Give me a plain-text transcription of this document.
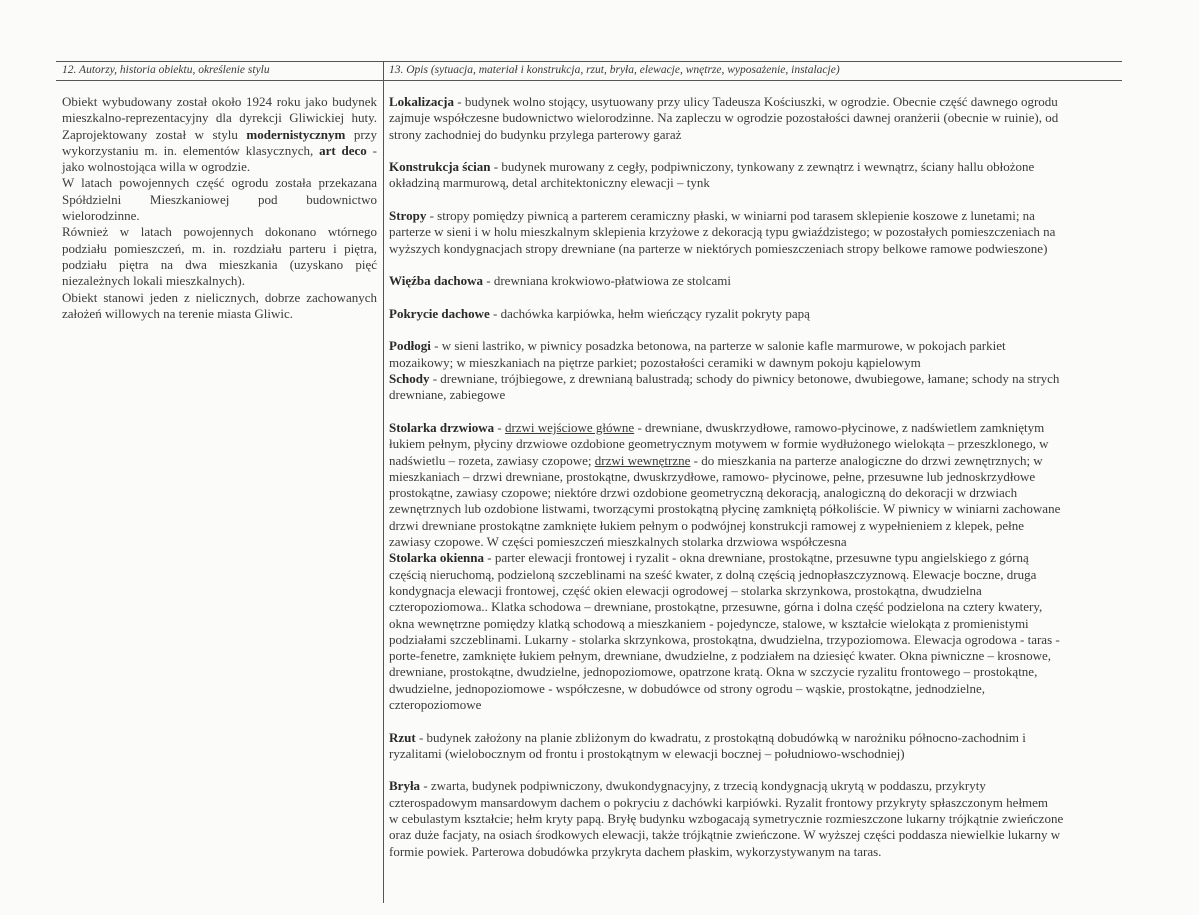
12. Autorzy, historia obiektu, określenie stylu	13. Opis (sytuacja, materiał i konstrukcja, rzut, bryła, elewacje, wnętrze, wyposażenie, instalacje)

Obiekt wybudowany został około 1924 roku jako budynek mieszkalno-reprezentacyjny dla dyrekcji Gliwickiej huty. Zaprojektowany został w stylu modernistycznym przy wykorzystaniu m. in. elementów klasycznych, art deco - jako wolnostojąca willa w ogrodzie.

W latach powojennych część ogrodu została przekazana Spółdzielni Mieszkaniowej pod budownictwo wielorodzinne.

Również w latach powojennych dokonano wtórnego podziału pomieszczeń, m. in. rozdziału parteru i piętra, podziału piętra na dwa mieszkania (uzyskano pięć niezależnych lokali mieszkalnych).

Obiekt stanowi jeden z nielicznych, dobrze zachowanych założeń willowych na terenie miasta Gliwic.

Lokalizacja - budynek wolno stojący, usytuowany przy ulicy Tadeusza Kościuszki, w ogrodzie. Obecnie część dawnego ogrodu
zajmuje współczesne budownictwo wielorodzinne. Na zapleczu w ogrodzie pozostałości dawnej oranżerii (obecnie w ruinie), od
strony zachodniej do budynku przylega parterowy garaż

Konstrukcja ścian - budynek murowany z cegły, podpiwniczony, tynkowany z zewnątrz i wewnątrz, ściany hallu obłożone
okładziną marmurową, detal architektoniczny elewacji – tynk

Stropy - stropy pomiędzy piwnicą a parterem ceramiczny płaski, w winiarni pod tarasem sklepienie koszowe z lunetami; na
parterze w sieni i w holu mieszkalnym sklepienia krzyżowe z dekoracją typu gwiaździstego; w pozostałych pomieszczeniach na
wyższych kondygnacjach stropy drewniane (na parterze w niektórych pomieszczeniach stropy belkowe ramowe podwieszone)

Więźba dachowa - drewniana krokwiowo-płatwiowa ze stolcami

Pokrycie dachowe - dachówka karpiówka, hełm wieńczący ryzalit pokryty papą

Podłogi - w sieni lastriko, w piwnicy posadzka betonowa, na parterze w salonie kafle marmurowe, w pokojach parkiet
mozaikowy; w mieszkaniach na piętrze parkiet; pozostałości ceramiki w dawnym pokoju kąpielowym

Schody - drewniane, trójbiegowe, z drewnianą balustradą; schody do piwnicy betonowe, dwubiegowe, łamane; schody na strych
drewniane, zabiegowe

Stolarka drzwiowa - drzwi wejściowe główne - drewniane, dwuskrzydłowe, ramowo-płycinowe, z nadświetlem zamkniętym
łukiem pełnym, płyciny drzwiowe ozdobione geometrycznym motywem w formie wydłużonego wielokąta – przeszklonego, w
nadświetlu – rozeta, zawiasy czopowe; drzwi wewnętrzne - do mieszkania na parterze analogiczne do drzwi zewnętrznych; w
mieszkaniach – drzwi drewniane, prostokątne, dwuskrzydłowe, ramowo- płycinowe, pełne, przesuwne lub jednoskrzydłowe
prostokątne, zawiasy czopowe; niektóre drzwi ozdobione geometryczną dekoracją, analogiczną do dekoracji w drzwiach
zewnętrznych lub ozdobione listwami, tworzącymi prostokątną płycinę zamkniętą półkoliście. W piwnicy w winiarni zachowane
drzwi drewniane prostokątne zamknięte łukiem pełnym o podwójnej konstrukcji ramowej z wypełnieniem z klepek, pełne
zawiasy czopowe. W części pomieszczeń mieszkalnych stolarka drzwiowa współczesna

Stolarka okienna - parter elewacji frontowej i ryzalit - okna drewniane, prostokątne, przesuwne typu angielskiego z górną
częścią nieruchomą, podzieloną szczeblinami na sześć kwater, z dolną częścią jednopłaszczyznową. Elewacje boczne, druga
kondygnacja elewacji frontowej, część okien elewacji ogrodowej – stolarka skrzynkowa, prostokątna, dwudzielna
czteropoziomowa.. Klatka schodowa – drewniane, prostokątne, przesuwne, górna i dolna część podzielona na cztery kwatery,
okna wewnętrzne pomiędzy klatką schodową a mieszkaniem - pojedyncze, stalowe, w kształcie wielokąta z promienistymi
podziałami szczeblinami. Lukarny - stolarka skrzynkowa, prostokątna, dwudzielna, trzypoziomowa. Elewacja ogrodowa - taras -
porte-fenetre, zamknięte łukiem pełnym, drewniane, dwudzielne, z podziałem na dziesięć kwater. Okna piwniczne – krosnowe,
drewniane, prostokątne, dwudzielne, jednopoziomowe, opatrzone kratą. Okna w szczycie ryzalitu frontowego – prostokątne,
dwudzielne, jednopoziomowe - współczesne, w dobudówce od strony ogrodu – wąskie, prostokątne, jednodzielne,
czteropoziomowe

Rzut - budynek założony na planie zbliżonym do kwadratu, z prostokątną dobudówką w narożniku północno-zachodnim i
ryzalitami (wielobocznym od frontu i prostokątnym w elewacji bocznej – południowo-wschodniej)

Bryła - zwarta, budynek podpiwniczony, dwukondygnacyjny, z trzecią kondygnacją ukrytą w poddaszu, przykryty
czterospadowym mansardowym dachem o pokryciu z dachówki karpiówki. Ryzalit frontowy przykryty spłaszczonym hełmem
w cebulastym kształcie; hełm kryty papą. Bryłę budynku wzbogacają symetrycznie rozmieszczone lukarny trójkątnie zwieńczone
oraz duże facjaty, na osiach środkowych elewacji, także trójkątnie zwieńczone. W wyższej części poddasza niewielkie lukarny w
formie powiek. Parterowa dobudówka przykryta dachem płaskim, wykorzystywanym na taras.
